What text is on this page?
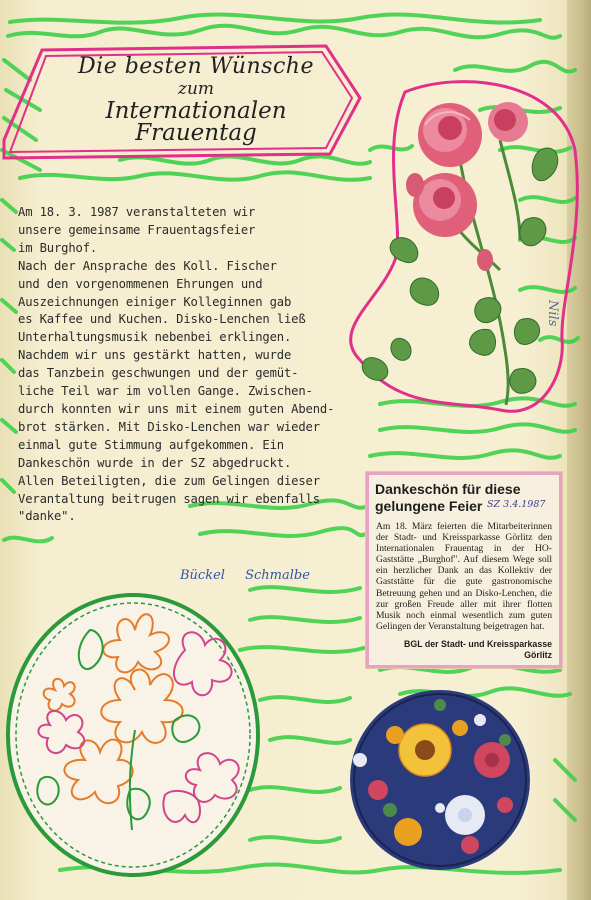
Die besten Wünsche
zum
Internationalen Frauentag
Am 18. 3. 1987 veranstalteten wir
unsere gemeinsame Frauentagsfeier
im Burghof.
Nach der Ansprache des Koll. Fischer
und den vorgenommenen Ehrungen und
Auszeichnungen einiger Kolleginnen gab
es Kaffee und Kuchen. Disko-Lenchen ließ
Unterhaltungsmusik nebenbei erklingen.
Nachdem wir uns gestärkt hatten, wurde
das Tanzbein geschwungen und der gemüt-
liche Teil war im vollen Gange. Zwischen-
durch konnten wir uns mit einem guten Abend-
brot stärken. Mit Disko-Lenchen war wieder
einmal gute Stimmung aufgekommen. Ein
Dankeschön wurde in der SZ abgedruckt.
Allen Beteiligten, die zum Gelingen dieser
Verantaltung beitrugen sagen wir ebenfalls
"danke".
Bückel Schmalbe
Dankeschön für diese gelungene Feier SZ 3.4.1987
Am 18. März feierten die Mitarbeiterinnen der Stadt- und Kreissparkasse Görlitz den Internationalen Frauentag in der HO-Gaststätte „Burghof". Auf diesem Wege soll ein herzlicher Dank an das Kollektiv der Gaststätte für die gute gastronomische Betreuung gehen und an Disko-Lenchen, die zur großen Freude aller mit ihrer flotten Musik noch einmal wesentlich zum guten Gelingen der Veranstaltung beigetragen hat.
BGL der Stadt- und Kreissparkasse Görlitz
Nils
